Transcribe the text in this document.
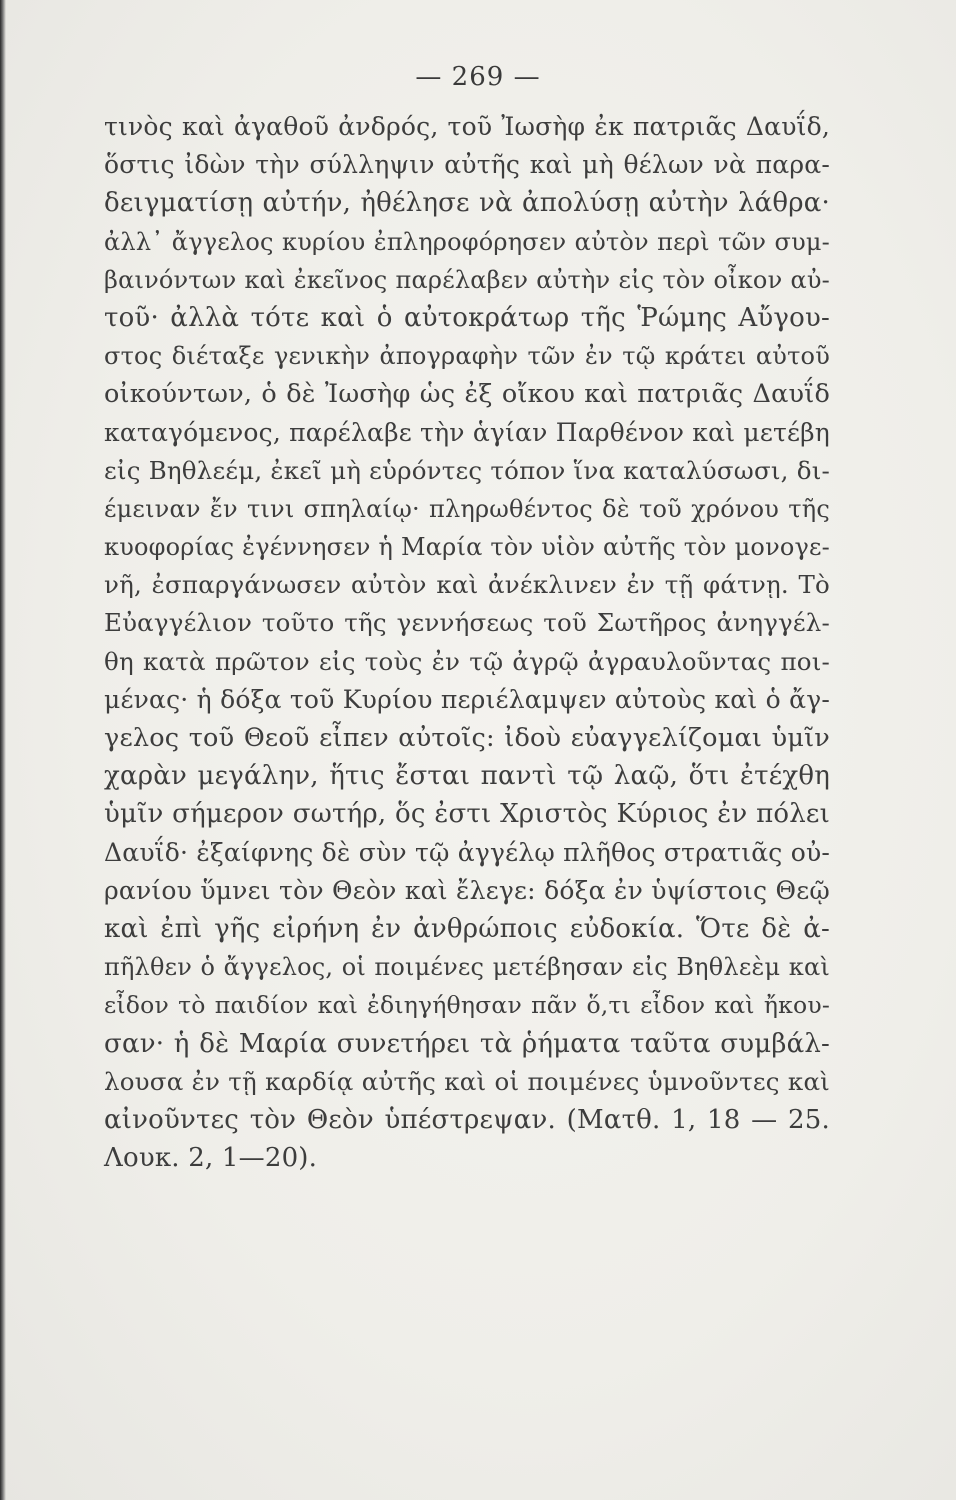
— 269 —
τινὸς καὶ ἀγαθοῦ ἀνδρός, τοῦ Ἰωσὴφ ἐκ πατριᾶς Δαυΐδ,
ὅστις ἰδὼν τὴν σύλληψιν αὐτῆς καὶ μὴ θέλων νὰ παρα-
δειγματίσῃ αὐτήν, ἠθέλησε νὰ ἀπολύσῃ αὐτὴν λάθρα·
ἀλλ᾽ ἄγγελος κυρίου ἐπληροφόρησεν αὐτὸν περὶ τῶν συμ-
βαινόντων καὶ ἐκεῖνος παρέλαβεν αὐτὴν εἰς τὸν οἶκον αὐ-
τοῦ· ἀλλὰ τότε καὶ ὁ αὐτοκράτωρ τῆς Ῥώμης Αὔγου-
στος διέταξε γενικὴν ἀπογραφὴν τῶν ἐν τῷ κράτει αὐτοῦ
οἰκούντων, ὁ δὲ Ἰωσὴφ ὡς ἐξ οἴκου καὶ πατριᾶς Δαυΐδ
καταγόμενος, παρέλαβε τὴν ἁγίαν Παρθένον καὶ μετέβη
εἰς Βηθλεέμ, ἐκεῖ μὴ εὑρόντες τόπον ἵνα καταλύσωσι, δι-
έμειναν ἔν τινι σπηλαίῳ· πληρωθέντος δὲ τοῦ χρόνου τῆς
κυοφορίας ἐγέννησεν ἡ Μαρία τὸν υἱὸν αὐτῆς τὸν μονογε-
νῆ, ἐσπαργάνωσεν αὐτὸν καὶ ἀνέκλινεν ἐν τῇ φάτνῃ. Τὸ
Εὐαγγέλιον τοῦτο τῆς γεννήσεως τοῦ Σωτῆρος ἀνηγγέλ-
θη κατὰ πρῶτον εἰς τοὺς ἐν τῷ ἀγρῷ ἀγραυλοῦντας ποι-
μένας· ἡ δόξα τοῦ Κυρίου περιέλαμψεν αὐτοὺς καὶ ὁ ἄγ-
γελος τοῦ Θεοῦ εἶπεν αὐτοῖς: ἰδοὺ εὐαγγελίζομαι ὑμῖν
χαρὰν μεγάλην, ἥτις ἔσται παντὶ τῷ λαῷ, ὅτι ἐτέχθη
ὑμῖν σήμερον σωτήρ, ὅς ἐστι Χριστὸς Κύριος ἐν πόλει
Δαυΐδ· ἐξαίφνης δὲ σὺν τῷ ἀγγέλῳ πλῆθος στρατιᾶς οὐ-
ρανίου ὕμνει τὸν Θεὸν καὶ ἔλεγε: δόξα ἐν ὑψίστοις Θεῷ
καὶ ἐπὶ γῆς εἰρήνη ἐν ἀνθρώποις εὐδοκία. Ὅτε δὲ ἀ-
πῆλθεν ὁ ἄγγελος, οἱ ποιμένες μετέβησαν εἰς Βηθλεὲμ καὶ
εἶδον τὸ παιδίον καὶ ἐδιηγήθησαν πᾶν ὅ,τι εἶδον καὶ ἤκου-
σαν· ἡ δὲ Μαρία συνετήρει τὰ ῥήματα ταῦτα συμβάλ-
λουσα ἐν τῇ καρδίᾳ αὐτῆς καὶ οἱ ποιμένες ὑμνοῦντες καὶ
αἰνοῦντες τὸν Θεὸν ὑπέστρεψαν. (Ματθ. 1, 18 — 25.
Λουκ. 2, 1—20).
